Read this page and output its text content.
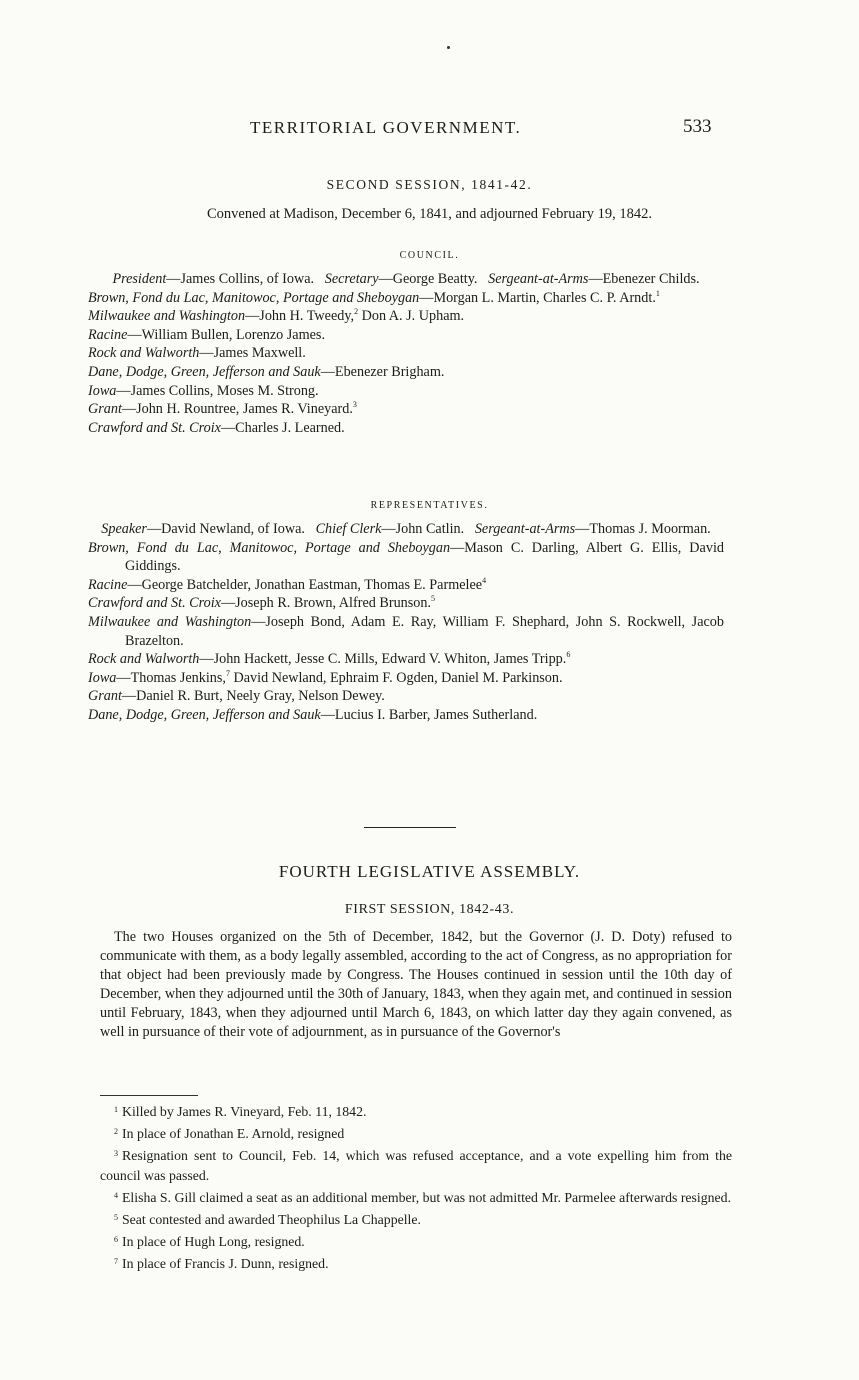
TERRITORIAL GOVERNMENT.	533
SECOND SESSION, 1841-42.
Convened at Madison, December 6, 1841, and adjourned February 19, 1842.
COUNCIL.

President—James Collins, of Iowa. Secretary—George Beatty. Sergeant-at-Arms—Ebenezer Childs.

Brown, Fond du Lac, Manitowoc, Portage and Sheboygan—Morgan L. Martin, Charles C. P. Arndt.$^1$

Milwaukee and Washington—John H. Tweedy,$^2$ Don A. J. Upham.

Racine—William Bullen, Lorenzo James.

Rock and Walworth—James Maxwell.

Dane, Dodge, Green, Jefferson and Sauk—Ebenezer Brigham.

Iowa—James Collins, Moses M. Strong.

Grant—John H. Rountree, James R. Vineyard.$^3$

Crawford and St. Croix—Charles J. Learned.

REPRESENTATIVES.

Speaker—David Newland, of Iowa. Chief Clerk—John Catlin. Sergeant-at-Arms—Thomas J. Moorman.

Brown, Fond du Lac, Manitowoc, Portage and Sheboygan—Mason C. Darling, Albert G. Ellis, David Giddings.

Racine—George Batchelder, Jonathan Eastman, Thomas E. Parmelee$^4$

Crawford and St. Croix—Joseph R. Brown, Alfred Brunson.$^5$

Milwaukee and Washington—Joseph Bond, Adam E. Ray, William F. Shephard, John S. Rockwell, Jacob Brazelton.

Rock and Walworth—John Hackett, Jesse C. Mills, Edward V. Whiton, James Tripp.$^6$

Iowa—Thomas Jenkins,$^7$ David Newland, Ephraim F. Ogden, Daniel M. Parkinson.

Grant—Daniel R. Burt, Neely Gray, Nelson Dewey.

Dane, Dodge, Green, Jefferson and Sauk—Lucius I. Barber, James Sutherland.

FOURTH LEGISLATIVE ASSEMBLY.
FIRST SESSION, 1842-43.

The two Houses organized on the 5th of December, 1842, but the Governor (J. D. Doty) refused to communicate with them, as a body legally assembled, according to the act of Congress, as no appropriation for that object had been previously made by Congress. The Houses continued in session until the 10th day of December, when they adjourned until the 30th of January, 1843, when they again met, and continued in session until February, 1843, when they adjourned until March 6, 1843, on which latter day they again convened, as well in pursuance of their vote of adjournment, as in pursuance of the Governor's

$^1$ Killed by James R. Vineyard, Feb. 11, 1842.

$^2$ In place of Jonathan E. Arnold, resigned

$^3$ Resignation sent to Council, Feb. 14, which was refused acceptance, and a vote expelling him from the council was passed.

$^4$ Elisha S. Gill claimed a seat as an additional member, but was not admitted Mr. Parmelee afterwards resigned.

$^5$ Seat contested and awarded Theophilus La Chappelle.

$^6$ In place of Hugh Long, resigned.

$^7$ In place of Francis J. Dunn, resigned.
